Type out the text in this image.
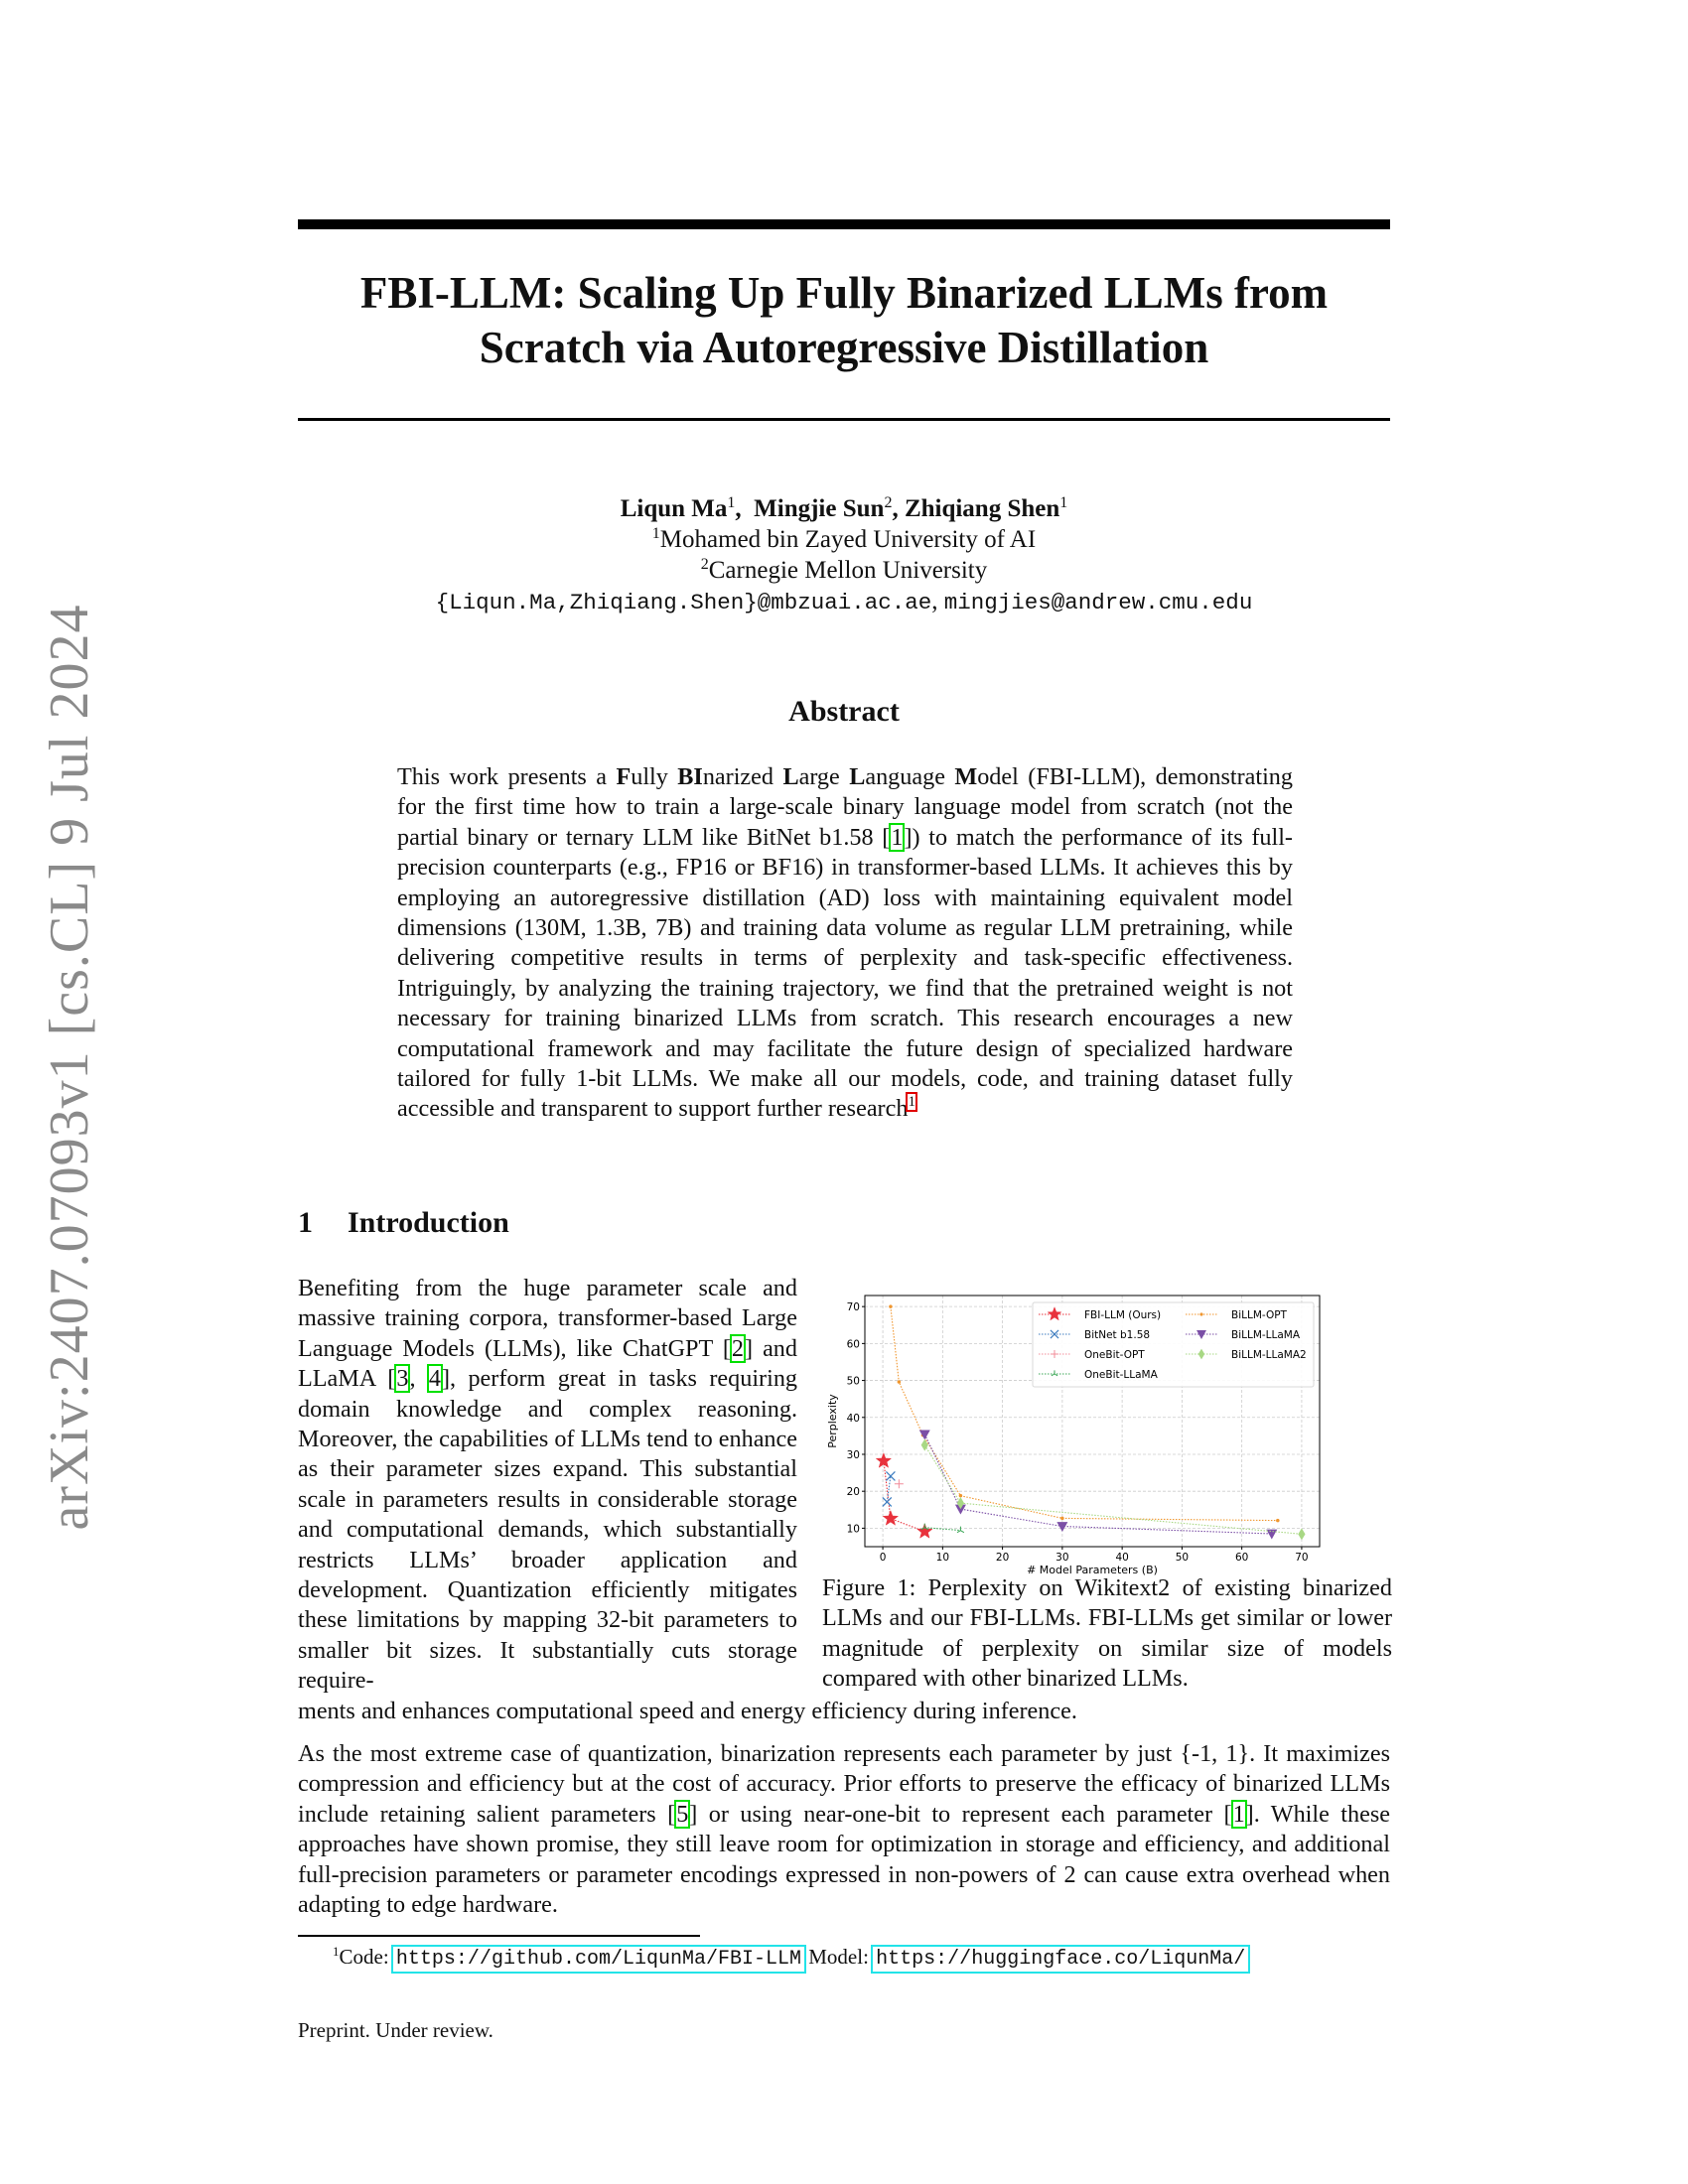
arXiv:2407.07093v1 [cs.CL] 9 Jul 2024
FBI-LLM: Scaling Up Fully Binarized LLMs from
Scratch via Autoregressive Distillation
Liqun Ma$^1$,  Mingjie Sun$^2$, Zhiqiang Shen$^1$
$^1$Mohamed bin Zayed University of AI
$^2$Carnegie Mellon University
{Liqun.Ma,Zhiqiang.Shen}@mbzuai.ac.ae, mingjies@andrew.cmu.edu
Abstract
This work presents a Fully BInarized Large Language Model (FBI-LLM), demonstrating for the first time how to train a large-scale binary language model from scratch (not the partial binary or ternary LLM like BitNet b1.58 [1]) to match the performance of its full-precision counterparts (e.g., FP16 or BF16) in transformer-based LLMs. It achieves this by employing an autoregressive distillation (AD) loss with maintaining equivalent model dimensions (130M, 1.3B, 7B) and training data volume as regular LLM pretraining, while delivering competitive results in terms of perplexity and task-specific effectiveness. Intriguingly, by analyzing the training trajectory, we find that the pretrained weight is not necessary for training binarized LLMs from scratch. This research encourages a new computational framework and may facilitate the future design of specialized hardware tailored for fully 1-bit LLMs. We make all our models, code, and training dataset fully accessible and transparent to support further research$^1$
1 Introduction
Benefiting from the huge parameter scale and massive training corpora, transformer-based Large Language Models (LLMs), like ChatGPT [2] and LLaMA [3, 4], perform great in tasks requiring domain knowledge and complex reasoning. Moreover, the capabilities of LLMs tend to enhance as their parameter sizes expand. This substantial scale in parameters results in considerable storage and computational demands, which substantially restricts LLMs’ broader application and development. Quantization efficiently mitigates these limitations by mapping 32-bit parameters to smaller bit sizes. It substantially cuts storage require-
ments and enhances computational speed and energy efficiency during inference.
0	10	20	30	40	50	60	70
10
20
30
40
50
60
70
# Model Parameters (B)
Perplexity
FBI-LLM (Ours)
BitNet b1.58
OneBit-OPT
OneBit-LLaMA
BiLLM-OPT
BiLLM-LLaMA
BiLLM-LLaMA2
Figure 1: Perplexity on Wikitext2 of existing binarized LLMs and our FBI-LLMs. FBI-LLMs get similar or lower magnitude of perplexity on similar size of models compared with other binarized LLMs.
As the most extreme case of quantization, binarization represents each parameter by just {-1, 1}. It maximizes compression and efficiency but at the cost of accuracy. Prior efforts to preserve the efficacy of binarized LLMs include retaining salient parameters [5] or using near-one-bit to represent each parameter [1]. While these approaches have shown promise, they still leave room for optimization in storage and efficiency, and additional full-precision parameters or parameter encodings expressed in non-powers of 2 can cause extra overhead when adapting to edge hardware.
$^1$Code: https://github.com/LiqunMa/FBI-LLM Model: https://huggingface.co/LiqunMa/
Preprint. Under review.
